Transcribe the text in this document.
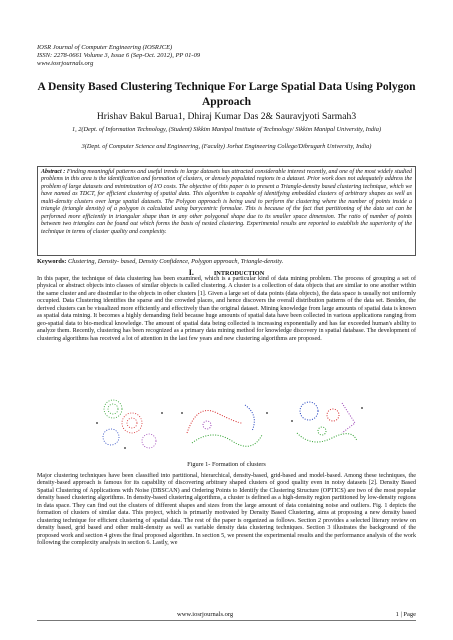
IOSR Journal of Computer Engineering (IOSRJCE)
ISSN: 2278-0661 Volume 3, Issue 6 (Sep-Oct. 2012), PP 01-09
www.iosrjournals.org
A Density Based Clustering Technique For Large Spatial Data Using Polygon Approach
Hrishav Bakul Barua1, Dhiraj Kumar Das 2& Sauravjyoti Sarmah3
1, 2(Dept. of Information Technology, (Student) Sikkim Manipal Institute of Technology/ Sikkim Manipal University, India)
3(Dept. of Computer Science and Engineering, (Faculty) Jorhat Engineering College/Dibrugarh University, India)
Abstract : Finding meaningful patterns and useful trends in large datasets has attracted considerable interest recently, and one of the most widely studied problems in this area is the identification and formation of clusters, or densely populated regions in a dataset. Prior work does not adequately address the problem of large datasets and minimization of I/O costs. The objective of this paper is to present a Triangle-density based clustering technique, which we have named as TDCT, for efficient clustering of spatial data. This algorithm is capable of identifying embedded clusters of arbitrary shapes as well as multi-density clusters over large spatial datasets. The Polygon approach is being used to perform the clustering where the number of points inside a triangle (triangle density) of a polygon is calculated using barycentric formulae. This is because of the fact that partitioning of the data set can be performed more efficiently in triangular shape than in any other polygonal shape due to its smaller space dimension. The ratio of number of points between two triangles can be found out which forms the basis of nested clustering. Experimental results are reported to establish the superiority of the technique in terms of cluster quality and complexity.
Keywords: Clustering, Density- based, Density Confidence, Polygon approach, Triangle-density.
I.	INTRODUCTION
In this paper, the technique of data clustering has been examined, which is a particular kind of data mining problem. The process of grouping a set of physical or abstract objects into classes of similar objects is called clustering. A cluster is a collection of data objects that are similar to one another within the same cluster and are dissimilar to the objects in other clusters [1]. Given a large set of data points (data objects), the data space is usually not uniformly occupied. Data Clustering identifies the sparse and the crowded places, and hence discovers the overall distribution patterns of the data set. Besides, the derived clusters can be visualized more efficiently and effectively than the original dataset. Mining knowledge from large amounts of spatial data is known as spatial data mining. It becomes a highly demanding field because huge amounts of spatial data have been collected in various applications ranging from geo-spatial data to bio-medical knowledge. The amount of spatial data being collected is increasing exponentially and has far exceeded human's ability to analyze them. Recently, clustering has been recognized as a primary data mining method for knowledge discovery in spatial database. The development of clustering algorithms has received a lot of attention in the last few years and new clustering algorithms are proposed.
Figure 1- Formation of clusters
Major clustering techniques have been classified into partitional, hierarchical, density-based, grid-based and model-based. Among these techniques, the density-based approach is famous for its capability of discovering arbitrary shaped clusters of good quality even in noisy datasets [2]. Density Based Spatial Clustering of Applications with Noise (DBSCAN) and Ordering Points to Identify the Clustering Structure (OPTICS) are two of the most popular density based clustering algorithms. In density-based clustering algorithms, a cluster is defined as a high-density region partitioned by low-density regions in data space. They can find out the clusters of different shapes and sizes from the large amount of data containing noise and outliers. Fig. 1 depicts the formation of clusters of similar data. This project, which is primarily motivated by Density Based Clustering, aims at proposing a new density based clustering technique for efficient clustering of spatial data. The rest of the paper is organized as follows. Section 2 provides a selected literary review on density based, grid based and other multi-density as well as variable density data clustering techniques. Section 3 illustrates the background of the proposed work and section 4 gives the final proposed algorithm. In section 5, we present the experimental results and the performance analysis of the work following the complexity analysis in section 6. Lastly, we
www.iosrjournals.org	1 | Page
